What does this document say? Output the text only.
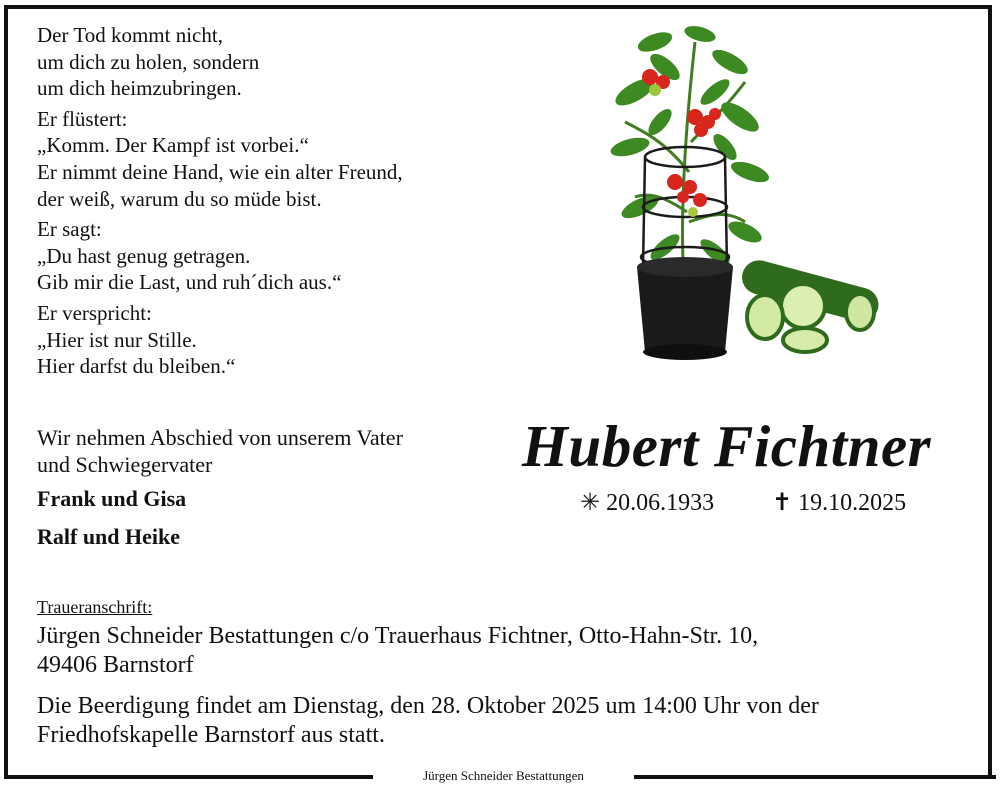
Jürgen Schneider Bestattungen
Der Tod kommt nicht,
um dich zu holen, sondern
um dich heimzubringen.
Er flüstert:
„Komm. Der Kampf ist vorbei.“
Er nimmt deine Hand, wie ein alter Freund,
der weiß, warum du so müde bist.
Er sagt:
„Du hast genug getragen.
Gib mir die Last, und ruh´dich aus.“
Er verspricht:
„Hier ist nur Stille.
Hier darfst du bleiben.“
Wir nehmen Abschied von unserem Vater
und Schwiegervater
Frank und Gisa
Ralf und Heike
Hubert Fichtner
✳ 20.06.1933 ✝ 19.10.2025
Traueranschrift:
Jürgen Schneider Bestattungen c/o Trauerhaus Fichtner, Otto-Hahn-Str. 10,
49406 Barnstorf
Die Beerdigung findet am Dienstag, den 28. Oktober 2025 um 14:00 Uhr von der
Friedhofskapelle Barnstorf aus statt.
